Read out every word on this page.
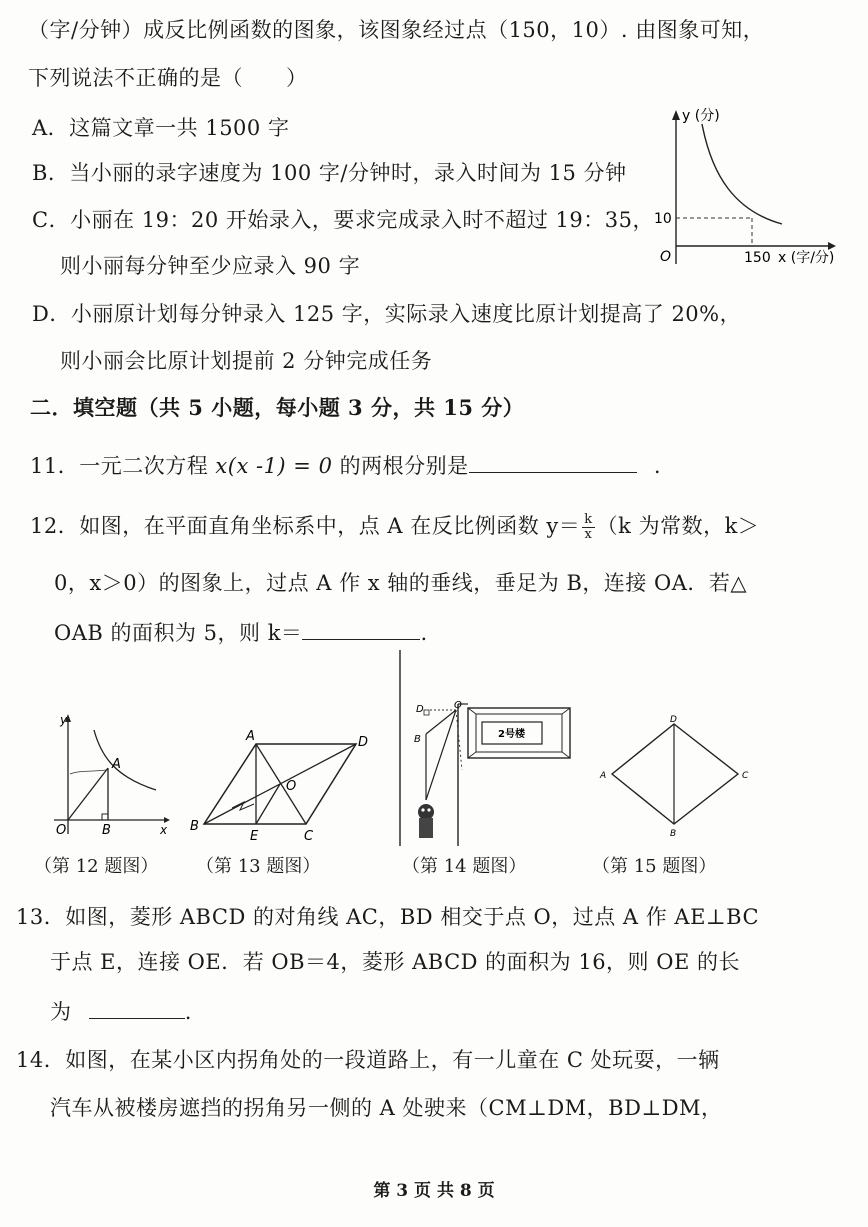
（字/分钟）成反比例函数的图象，该图象经过点（150，10）. 由图象可知，
下列说法不正确的是（　　）
A．这篇文章一共 1500 字
B．当小丽的录字速度为 100 字/分钟时，录入时间为 15 分钟
C．小丽在 19：20 开始录入，要求完成录入时不超过 19：35，
则小丽每分钟至少应录入 90 字
D．小丽原计划每分钟录入 125 字，实际录入速度比原计划提高了 20%，
则小丽会比原计划提前 2 分钟完成任务
y (分)
x (字/分)
O	150
10
二．填空题（共 5 小题，每小题 3 分，共 15 分）
11．一元二次方程 x(x -1) = 0 的两根分别是	.
12．如图，在平面直角坐标系中，点 A 在反比例函数 $y= \frac{k}{x} (k$ 为常数，k＞
0，x＞0）的图象上，过点 A 作 x 轴的垂线，垂足为 B，连接 OA．若△
OAB 的面积为 5，则 k＝	.
y
x
O
A
B
（第 12 题图）
A
B
C
D
E
O
（第 13 题图）
D	O
B	2号楼
（第 14 题图）
D
A	C
B
（第 15 题图）
13．如图，菱形 ABCD 的对角线 AC，BD 相交于点 O，过点 A 作 AE⊥BC
于点 E，连接 OE．若 OB＝4，菱形 ABCD 的面积为 16，则 OE 的长
为	.
14．如图，在某小区内拐角处的一段道路上，有一儿童在 C 处玩耍，一辆
汽车从被楼房遮挡的拐角另一侧的 A 处驶来（CM⊥DM，BD⊥DM，
第 3 页 共 8 页
